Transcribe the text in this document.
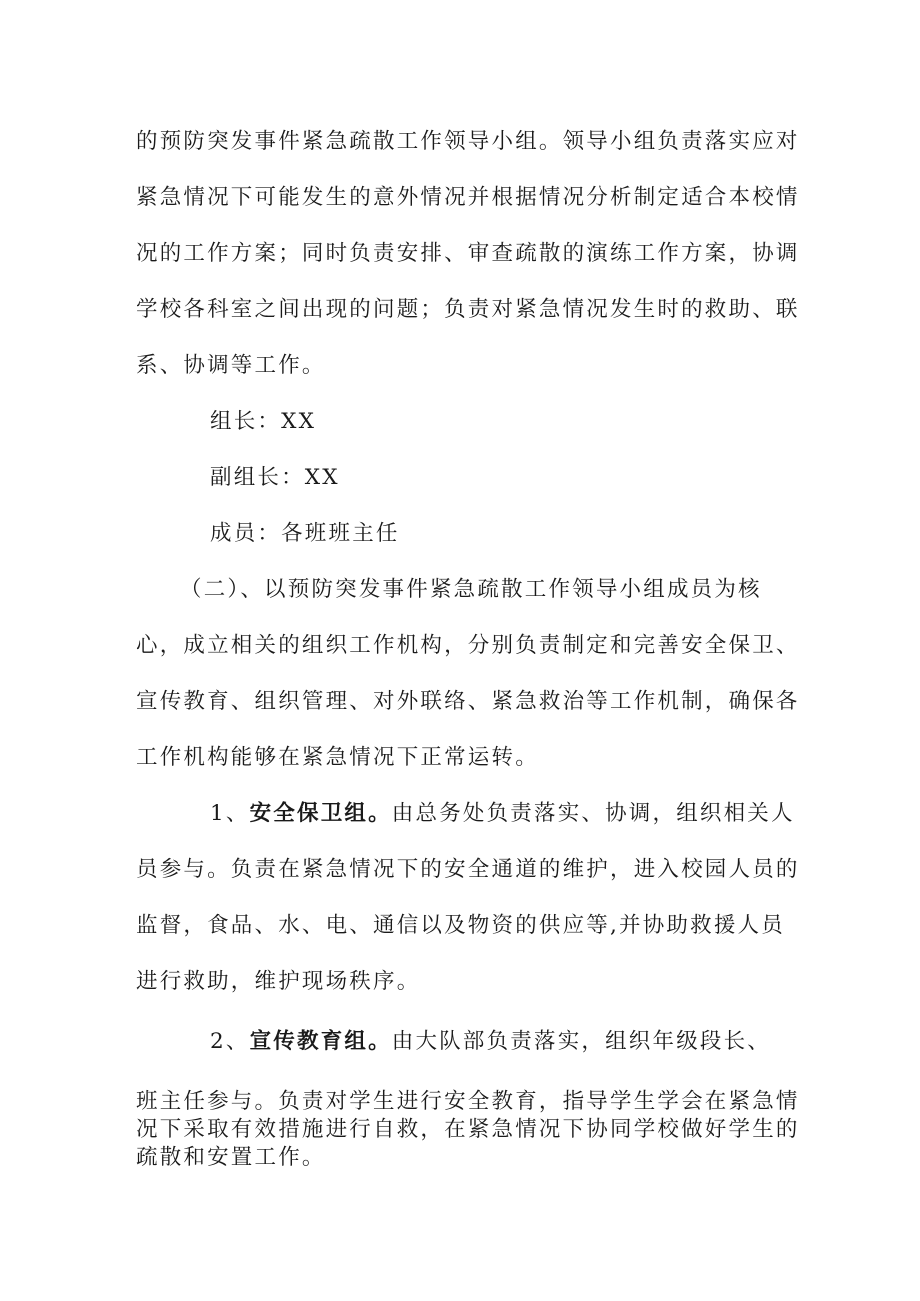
的预防突发事件紧急疏散工作领导小组。领导小组负责落实应对
紧急情况下可能发生的意外情况并根据情况分析制定适合本校情
况的工作方案；同时负责安排、审查疏散的演练工作方案，协调
学校各科室之间出现的问题；负责对紧急情况发生时的救助、联
系、协调等工作。
组长：XX
副组长：XX
成员：各班班主任
（二）、以预防突发事件紧急疏散工作领导小组成员为核
心，成立相关的组织工作机构，分别负责制定和完善安全保卫、
宣传教育、组织管理、对外联络、紧急救治等工作机制，确保各
工作机构能够在紧急情况下正常运转。
1、安全保卫组。由总务处负责落实、协调，组织相关人
员参与。负责在紧急情况下的安全通道的维护，进入校园人员的
监督，食品、水、电、通信以及物资的供应等,并协助救援人员
进行救助，维护现场秩序。
2、宣传教育组。由大队部负责落实，组织年级段长、
班主任参与。负责对学生进行安全教育，指导学生学会在紧急情
况下采取有效措施进行自救，在紧急情况下协同学校做好学生的
疏散和安置工作。
